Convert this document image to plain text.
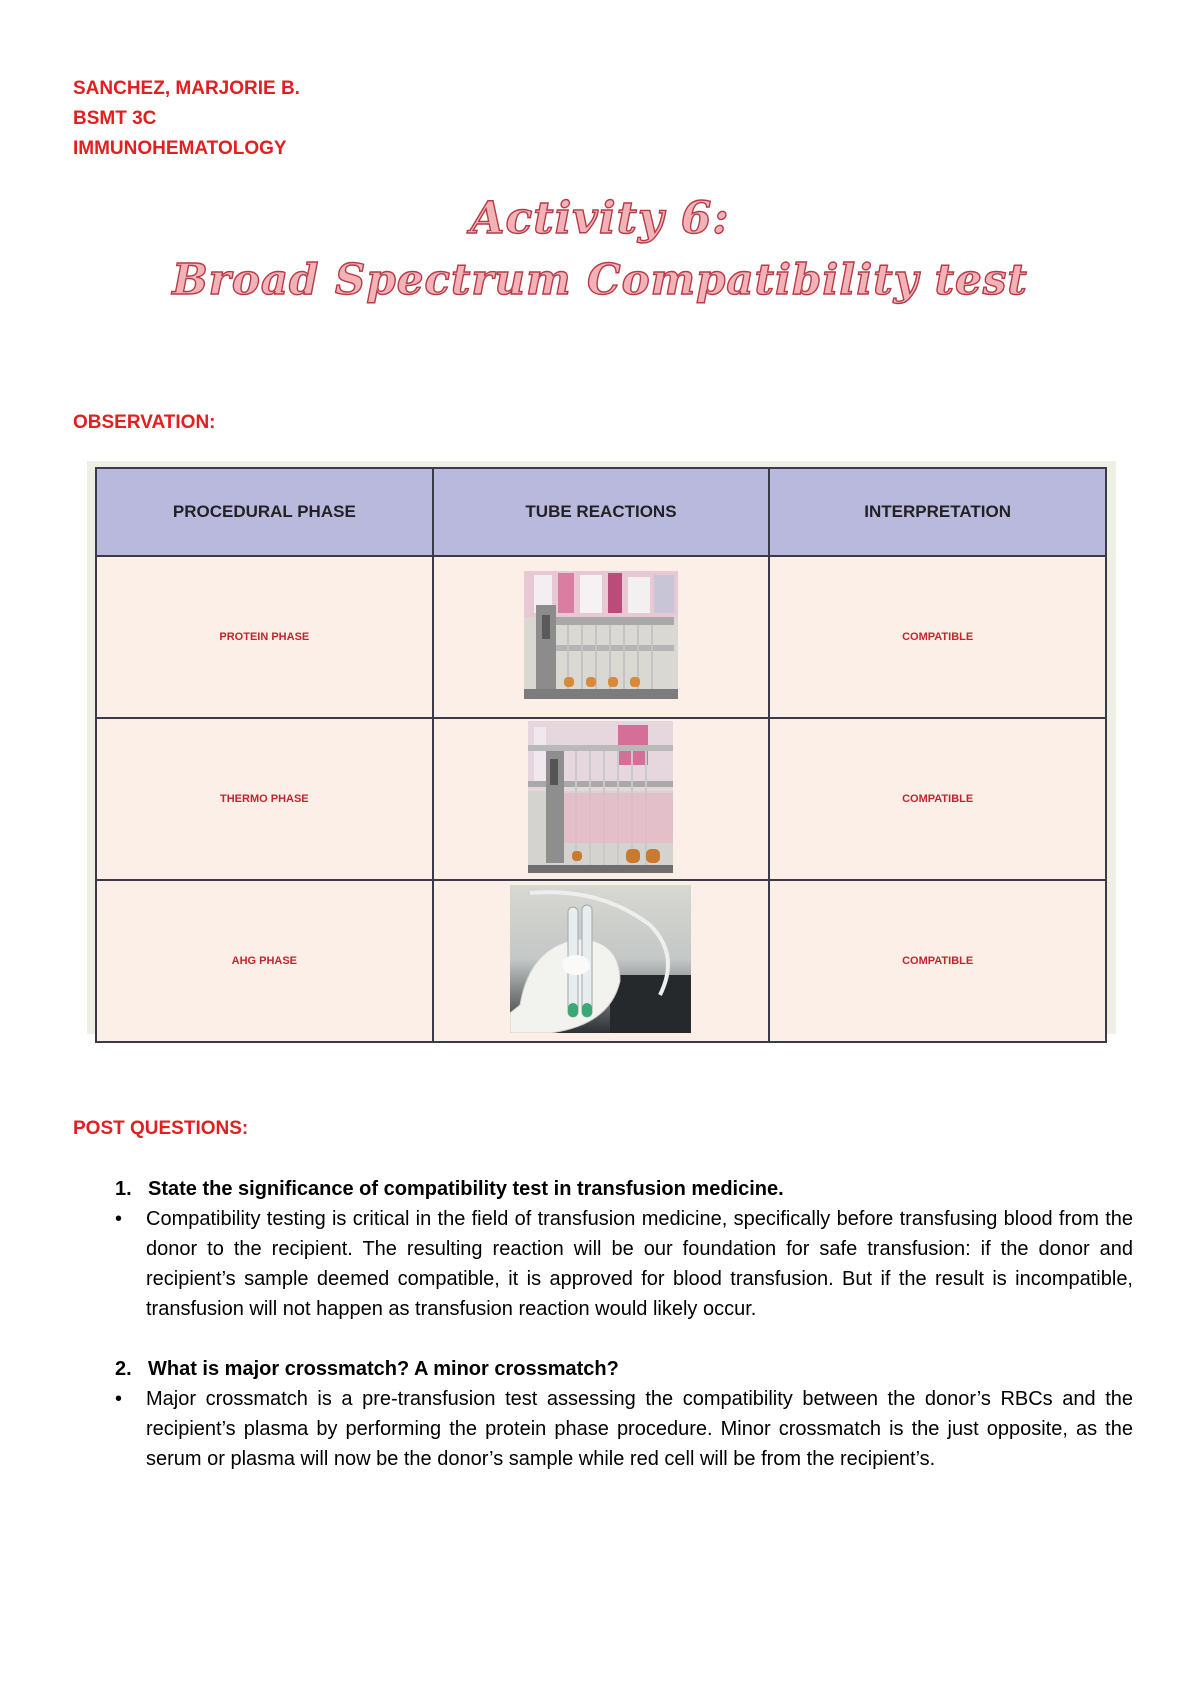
SANCHEZ, MARJORIE B.
BSMT 3C
IMMUNOHEMATOLOGY
Activity 6:
Broad Spectrum Compatibility test
OBSERVATION:
PROCEDURAL PHASE	TUBE REACTIONS	INTERPRETATION
PROTEIN PHASE		COMPATIBLE
THERMO PHASE		COMPATIBLE
AHG PHASE		COMPATIBLE
POST QUESTIONS:

1. State the significance of compatibility test in transfusion medicine.

• Compatibility testing is critical in the field of transfusion medicine, specifically before transfusing blood from the donor to the recipient. The resulting reaction will be our foundation for safe transfusion: if the donor and recipient’s sample deemed compatible, it is approved for blood transfusion. But if the result is incompatible, transfusion will not happen as transfusion reaction would likely occur.

2. What is major crossmatch? A minor crossmatch?

• Major crossmatch is a pre-transfusion test assessing the compatibility between the donor’s RBCs and the recipient’s plasma by performing the protein phase procedure. Minor crossmatch is the just opposite, as the serum or plasma will now be the donor’s sample while red cell will be from the recipient’s.
